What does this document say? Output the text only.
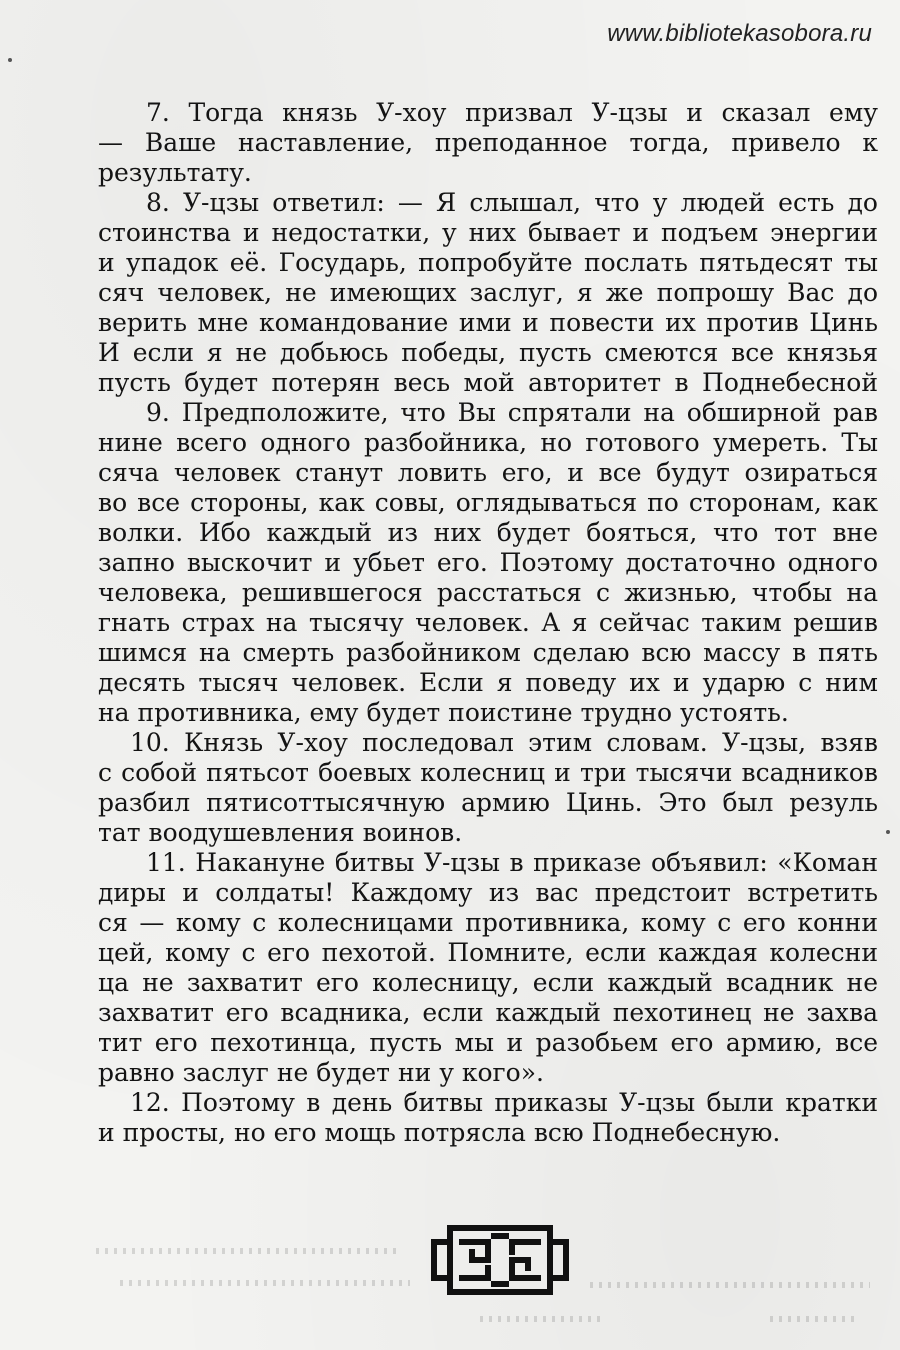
www.bibliotekasobora.ru
7. Тогда князь У-хоу призвал У-цзы и сказал ему
— Ваше наставление, преподанное тогда, привело к
результату.
8. У-цзы ответил: — Я слышал, что у людей есть до
стоинства и недостатки, у них бывает и подъем энергии
и упадок её. Государь, попробуйте послать пятьдесят ты
сяч человек, не имеющих заслуг, я же попрошу Вас до
верить мне командование ими и повести их против Цинь
И если я не добьюсь победы, пусть смеются все князья
пусть будет потерян весь мой авторитет в Поднебесной
9. Предположите, что Вы спрятали на обширной рав
нине всего одного разбойника, но готового умереть. Ты
сяча человек станут ловить его, и все будут озираться
во все стороны, как совы, оглядываться по сторонам, как
волки. Ибо каждый из них будет бояться, что тот вне
запно выскочит и убьет его. Поэтому достаточно одного
человека, решившегося расстаться с жизнью, чтобы на
гнать страх на тысячу человек. А я сейчас таким решив
шимся на смерть разбойником сделаю всю массу в пять
десять тысяч человек. Если я поведу их и ударю с ним
на противника, ему будет поистине трудно устоять.
10. Князь У-хоу последовал этим словам. У-цзы, взяв
с собой пятьсот боевых колесниц и три тысячи всадников
разбил пятисоттысячную армию Цинь. Это был резуль
тат воодушевления воинов.
11. Накануне битвы У-цзы в приказе объявил: «Коман
диры и солдаты! Каждому из вас предстоит встретить
ся — кому с колесницами противника, кому с его конни
цей, кому с его пехотой. Помните, если каждая колесни
ца не захватит его колесницу, если каждый всадник не
захватит его всадника, если каждый пехотинец не захва
тит его пехотинца, пусть мы и разобьем его армию, все
равно заслуг не будет ни у кого».
12. Поэтому в день битвы приказы У-цзы были кратки
и просты, но его мощь потрясла всю Поднебесную.
